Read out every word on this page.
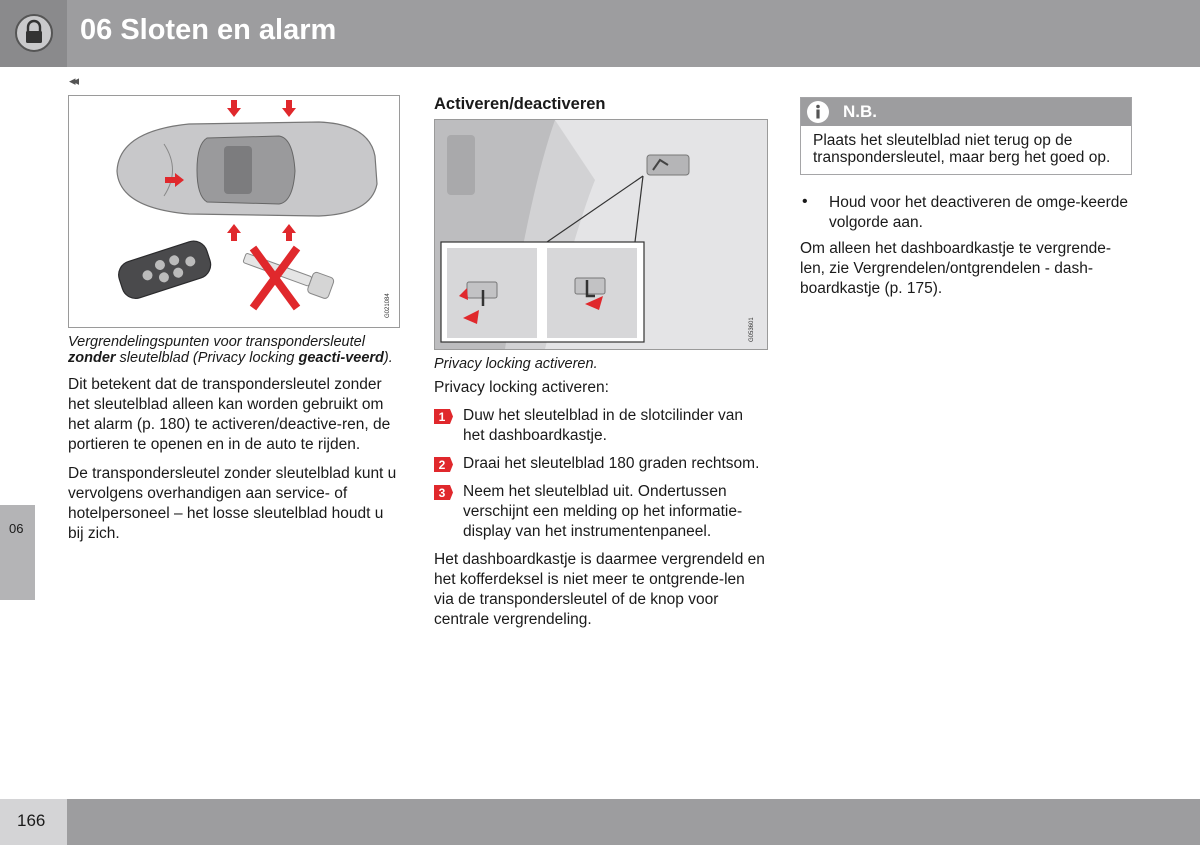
06 Sloten en alarm
◂◂
06
166
G021084
Vergrendelingspunten voor transpondersleutel zonder sleutelblad (Privacy locking geacti-veerd).

Dit betekent dat de transpondersleutel zonder het sleutelblad alleen kan worden gebruikt om het alarm (p. 180) te activeren/deactive-ren, de portieren te openen en in de auto te rijden.

De transpondersleutel zonder sleutelblad kunt u vervolgens overhandigen aan service- of hotelpersoneel – het losse sleutelblad houdt u bij zich.

Activeren/deactiveren
G053601
Privacy locking activeren.

Privacy locking activeren:

1 Duw het sleutelblad in de slotcilinder van het dashboardkastje.

2 Draai het sleutelblad 180 graden rechtsom.

3 Neem het sleutelblad uit. Ondertussen verschijnt een melding op het informatie-display van het instrumentenpaneel.

Het dashboardkastje is daarmee vergrendeld en het kofferdeksel is niet meer te ontgrende-len via de transpondersleutel of de knop voor centrale vergrendeling.

N.B.
Plaats het sleutelblad niet terug op de transpondersleutel, maar berg het goed op.
• Houd voor het deactiveren de omge-keerde volgorde aan.

Om alleen het dashboardkastje te vergrende-len, zie Vergrendelen/ontgrendelen - dash-boardkastje (p. 175).
